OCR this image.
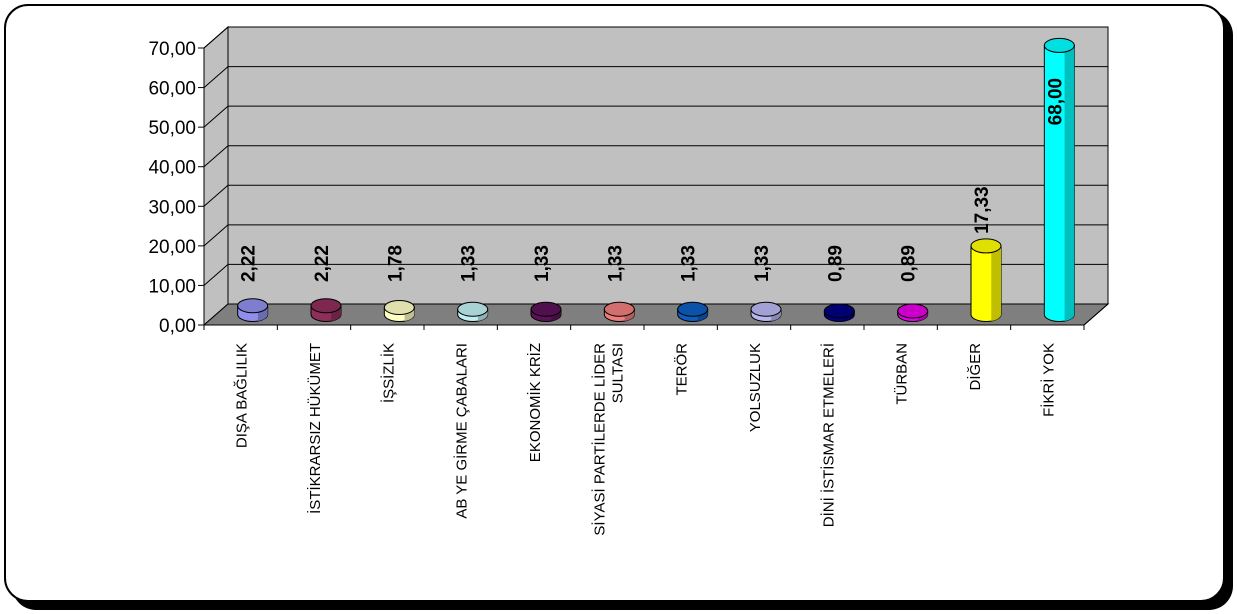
0,00
10,00
20,00
30,00
40,00
50,00
60,00
70,00
2,22
DIŞA BAĞLILIK
2,22
İSTİKRARSIZ HÜKÜMET
1,78
İŞSİZLİK
1,33
AB YE GİRME ÇABALARI
1,33
EKONOMİK KRİZ
1,33
SİYASİ PARTİLERDE LİDER SULTASI
1,33
TERÖR
1,33
YOLSUZLUK
0,89
DİNİ İSTİSMAR ETMELERİ
0,89
TÜRBAN
17,33
DİĞER
68,00
FİKRİ YOK
